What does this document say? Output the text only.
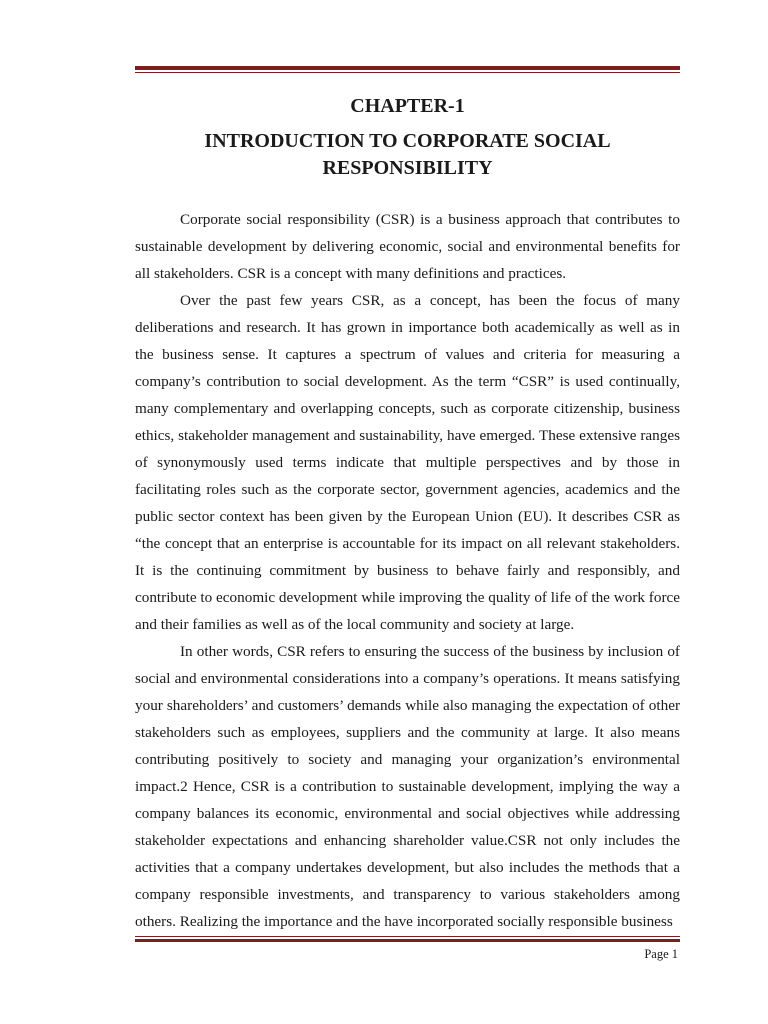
CHAPTER-1
INTRODUCTION TO CORPORATE SOCIAL RESPONSIBILITY

Corporate social responsibility (CSR) is a business approach that contributes to sustainable development by delivering economic, social and environmental benefits for all stakeholders. CSR is a concept with many definitions and practices.

Over the past few years CSR, as a concept, has been the focus of many deliberations and research. It has grown in importance both academically as well as in the business sense. It captures a spectrum of values and criteria for measuring a company’s contribution to social development. As the term “CSR” is used continually, many complementary and overlapping concepts, such as corporate citizenship, business ethics, stakeholder management and sustainability, have emerged. These extensive ranges of synonymously used terms indicate that multiple perspectives and by those in facilitating roles such as the corporate sector, government agencies, academics and the public sector context has been given by the European Union (EU). It describes CSR as “the concept that an enterprise is accountable for its impact on all relevant stakeholders. It is the continuing commitment by business to behave fairly and responsibly, and contribute to economic development while improving the quality of life of the work force and their families as well as of the local community and society at large.

In other words, CSR refers to ensuring the success of the business by inclusion of social and environmental considerations into a company’s operations. It means satisfying your shareholders’ and customers’ demands while also managing the expectation of other stakeholders such as employees, suppliers and the community at large. It also means contributing positively to society and managing your organization’s environmental impact.2 Hence, CSR is a contribution to sustainable development, implying the way a company balances its economic, environmental and social objectives while addressing stakeholder expectations and enhancing shareholder value.CSR not only includes the activities that a company undertakes development, but also includes the methods that a company responsible investments, and transparency to various stakeholders among others. Realizing the importance and the have incorporated socially responsible business

Page 1
